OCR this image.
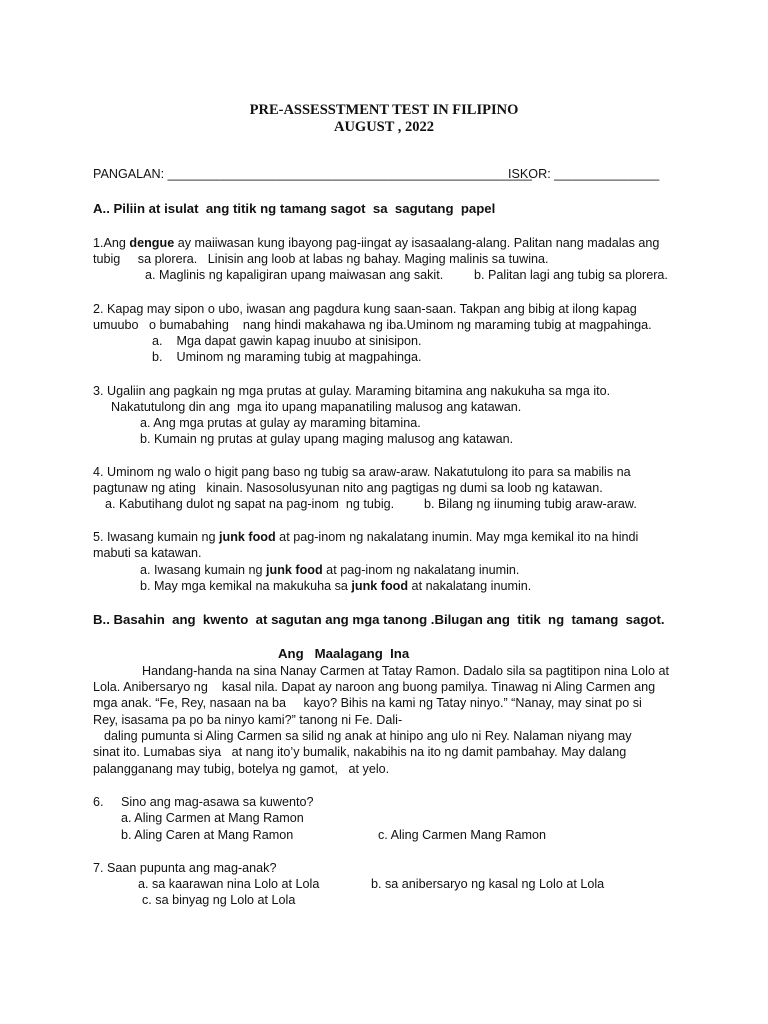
PRE-ASSESSTMENT TEST IN FILIPINO
AUGUST , 2022
PANGALAN: ____________________________________________________
ISKOR: _______________
A.. Piliin at isulat  ang titik ng tamang sagot  sa  sagutang  papel
1.Ang dengue ay maiiwasan kung ibayong pag-iingat ay isasaalang-alang. Palitan nang madalas ang
tubig     sa plorera.   Linisin ang loob at labas ng bahay. Maging malinis sa tuwina.
a. Maglinis ng kapaligiran upang maiwasan ang sakit. b. Palitan lagi ang tubig sa plorera.
2. Kapag may sipon o ubo, iwasan ang pagdura kung saan-saan. Takpan ang bibig at ilong kapag
umuubo   o bumabahing    nang hindi makahawa ng iba.Uminom ng maraming tubig at magpahinga.
a.    Mga dapat gawin kapag inuubo at sinisipon.
b.    Uminom ng maraming tubig at magpahinga.
3. Ugaliin ang pagkain ng mga prutas at gulay. Maraming bitamina ang nakukuha sa mga ito.
Nakatutulong din ang  mga ito upang mapanatiling malusog ang katawan.
a. Ang mga prutas at gulay ay maraming bitamina.
b. Kumain ng prutas at gulay upang maging malusog ang katawan.
4. Uminom ng walo o higit pang baso ng tubig sa araw-araw. Nakatutulong ito para sa mabilis na
pagtunaw ng ating   kinain. Nasosolusyunan nito ang pagtigas ng dumi sa loob ng katawan.
a. Kabutihang dulot ng sapat na pag-inom  ng tubig. b. Bilang ng iinuming tubig araw-araw.
5. Iwasang kumain ng junk food at pag-inom ng nakalatang inumin. May mga kemikal ito na hindi
mabuti sa katawan.
a. Iwasang kumain ng junk food at pag-inom ng nakalatang inumin.
b. May mga kemikal na makukuha sa junk food at nakalatang inumin.
B.. Basahin  ang  kwento  at sagutan ang mga tanong .Bilugan ang  titik  ng  tamang  sagot.
Ang   Maalagang  Ina
Handang-handa na sina Nanay Carmen at Tatay Ramon. Dadalo sila sa pagtitipon nina Lolo at
Lola. Anibersaryo ng    kasal nila. Dapat ay naroon ang buong pamilya. Tinawag ni Aling Carmen ang
mga anak. “Fe, Rey, nasaan na ba     kayo? Bihis na kami ng Tatay ninyo.” “Nanay, may sinat po si
Rey, isasama pa po ba ninyo kami?” tanong ni Fe. Dali-
daling pumunta si Aling Carmen sa silid ng anak at hinipo ang ulo ni Rey. Nalaman niyang may
sinat ito. Lumabas siya   at nang ito’y bumalik, nakabihis na ito ng damit pambahay. May dalang
palangganang may tubig, botelya ng gamot,   at yelo.
6.     Sino ang mag-asawa sa kuwento?
a. Aling Carmen at Mang Ramon
b. Aling Caren at Mang Ramon	c. Aling Carmen Mang Ramon
7. Saan pupunta ang mag-anak?
a. sa kaarawan nina Lolo at Lola	b. sa anibersaryo ng kasal ng Lolo at Lola
c. sa binyag ng Lolo at Lola
